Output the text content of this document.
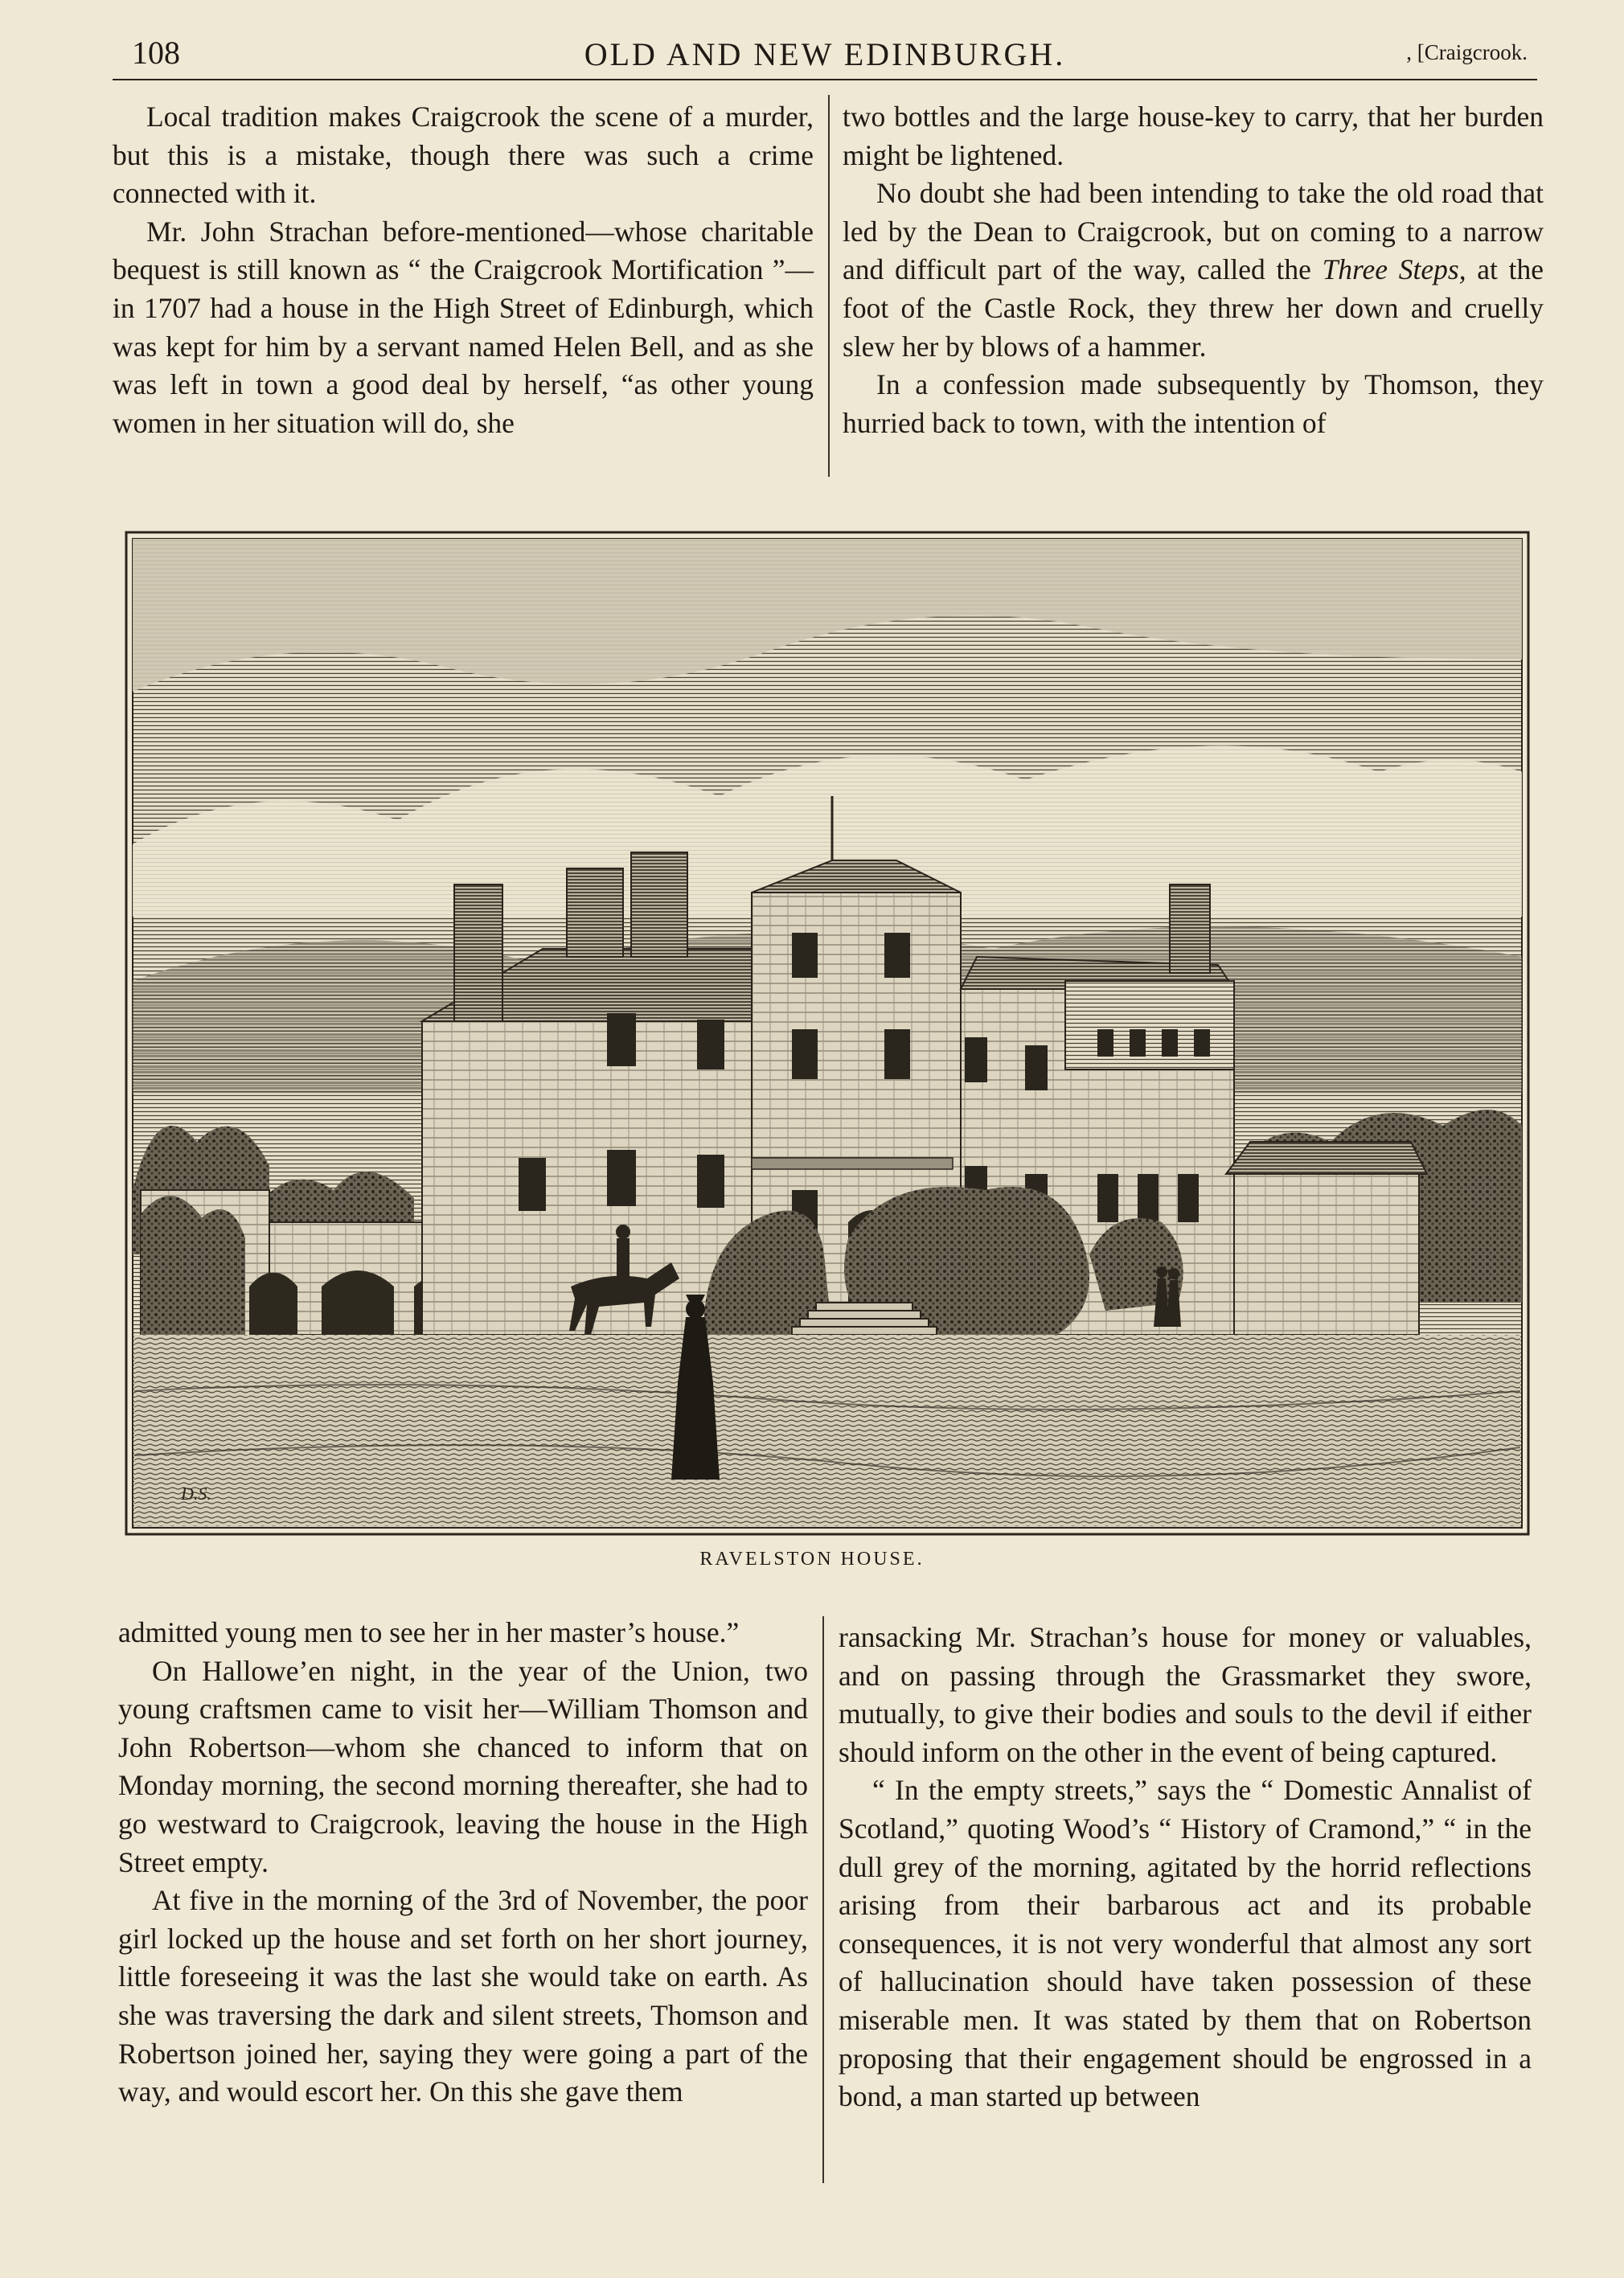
108	OLD AND NEW EDINBURGH.	, [Craigcrook.

Local tradition makes Craigcrook the scene of a murder, but this is a mistake, though there was such a crime connected with it.

Mr. John Strachan before-mentioned—whose charitable bequest is still known as “ the Craigcrook Mortification ”—in 1707 had a house in the High Street of Edinburgh, which was kept for him by a servant named Helen Bell, and as she was left in town a good deal by herself, “as other young women in her situation will do, she

two bottles and the large house-key to carry, that her burden might be lightened.

No doubt she had been intending to take the old road that led by the Dean to Craigcrook, but on coming to a narrow and difficult part of the way, called the Three Steps, at the foot of the Castle Rock, they threw her down and cruelly slew her by blows of a hammer.

In a confession made subsequently by Thomson, they hurried back to town, with the intention of

D.S.
RAVELSTON HOUSE.

admitted young men to see her in her master’s house.”

On Hallowe’en night, in the year of the Union, two young craftsmen came to visit her—William Thomson and John Robertson—whom she chanced to inform that on Monday morning, the second morning thereafter, she had to go westward to Craigcrook, leaving the house in the High Street empty.

At five in the morning of the 3rd of November, the poor girl locked up the house and set forth on her short journey, little foreseeing it was the last she would take on earth. As she was traversing the dark and silent streets, Thomson and Robertson joined her, saying they were going a part of the way, and would escort her. On this she gave them

ransacking Mr. Strachan’s house for money or valuables, and on passing through the Grassmarket they swore, mutually, to give their bodies and souls to the devil if either should inform on the other in the event of being captured.

“ In the empty streets,” says the “ Domestic Annalist of Scotland,” quoting Wood’s “ History of Cramond,” “ in the dull grey of the morning, agitated by the horrid reflections arising from their barbarous act and its probable consequences, it is not very wonderful that almost any sort of hallucination should have taken possession of these miserable men. It was stated by them that on Robertson proposing that their engagement should be engrossed in a bond, a man started up between
